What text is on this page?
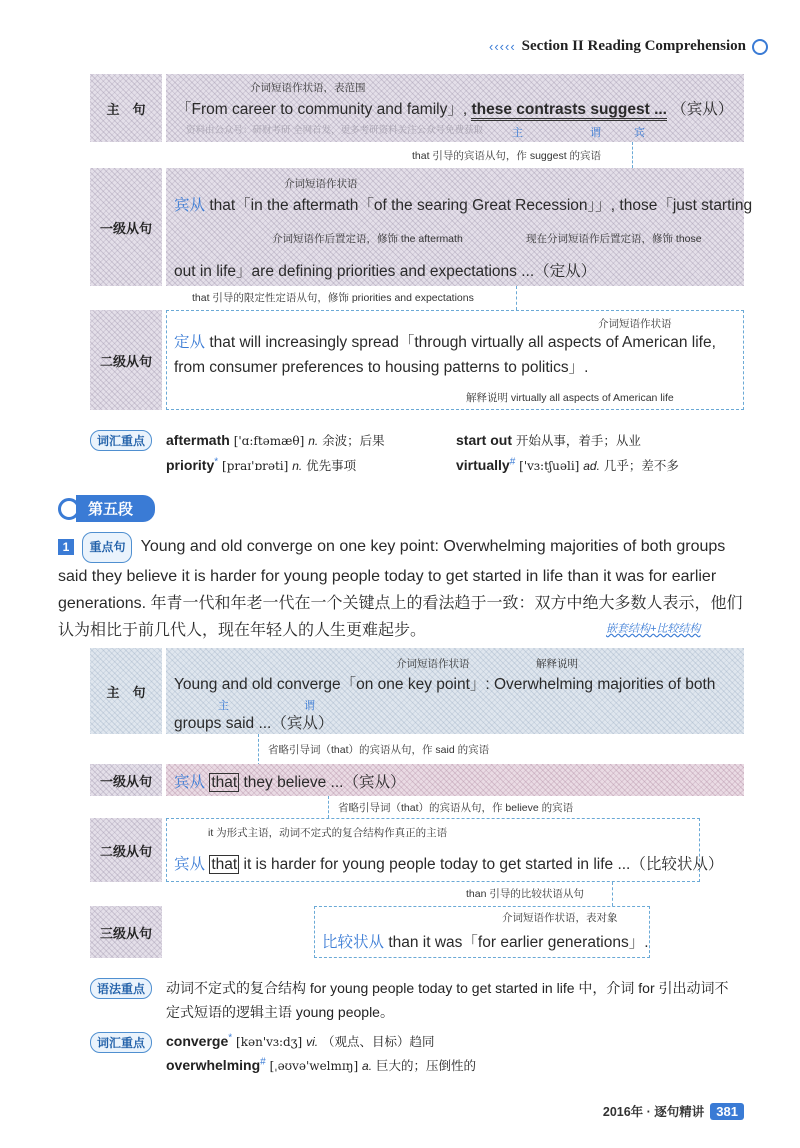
‹‹‹‹‹ Section II Reading Comprehension
主　句
介词短语作状语，表范围
「From career to community and family」, these contrasts suggest ... （宾从）
资料由公众号：研财考研 全网首发，更多考研资料关注公众号免费获取	主	谓	宾
that 引导的宾语从句，作 suggest 的宾语
一级从句
介词短语作状语
宾从 that「in the aftermath「of the searing Great Recession」」, those「just starting
介词短语作后置定语，修饰 the aftermath	现在分词短语作后置定语，修饰 those
out in life」are defining priorities and expectations ...（定从）
that 引导的限定性定语从句，修饰 priorities and expectations
二级从句
介词短语作状语
定从 that will increasingly spread「through virtually all aspects of American life,
from consumer preferences to housing patterns to politics」.
解释说明 virtually all aspects of American life
词汇重点	aftermath ['ɑ:ftəmæθ] n. 余波；后果	start out 开始从事，着手；从业
priority* [praɪ'ɒrəti] n. 优先事项	virtually# ['vɜ:tʃuəli] ad. 几乎；差不多
第五段
1 重点句 Young and old converge on one key point: Overwhelming majorities of both groups said they believe it is harder for young people today to get started in life than it was for earlier generations. 年青一代和年老一代在一个关键点上的看法趋于一致：双方中绝大多数人表示，他们认为相比于前几代人，现在年轻人的人生更难起步。	嵌套结构+比较结构
主　句
介词短语作状语	解释说明
Young and old converge「on one key point」: Overwhelming majorities of both
主	谓
groups said ...（宾从）
省略引导词（that）的宾语从句，作 said 的宾语
一级从句	宾从 that they believe ...（宾从）
省略引导词（that）的宾语从句，作 believe 的宾语
二级从句
it 为形式主语，动词不定式的复合结构作真正的主语
宾从 that it is harder for young people today to get started in life ...（比较状从）
than 引导的比较状语从句
三级从句
介词短语作状语，表对象
比较状从 than it was「for earlier generations」.
语法重点	动词不定式的复合结构 for young people today to get started in life 中，介词 for 引出动词不
定式短语的逻辑主语 young people。
词汇重点	converge* [kən'vɜ:dʒ] vi. （观点、目标）趋同
overwhelming# [ˌəʊvə'welmɪŋ] a. 巨大的；压倒性的
2016年 · 逐句精讲 381
